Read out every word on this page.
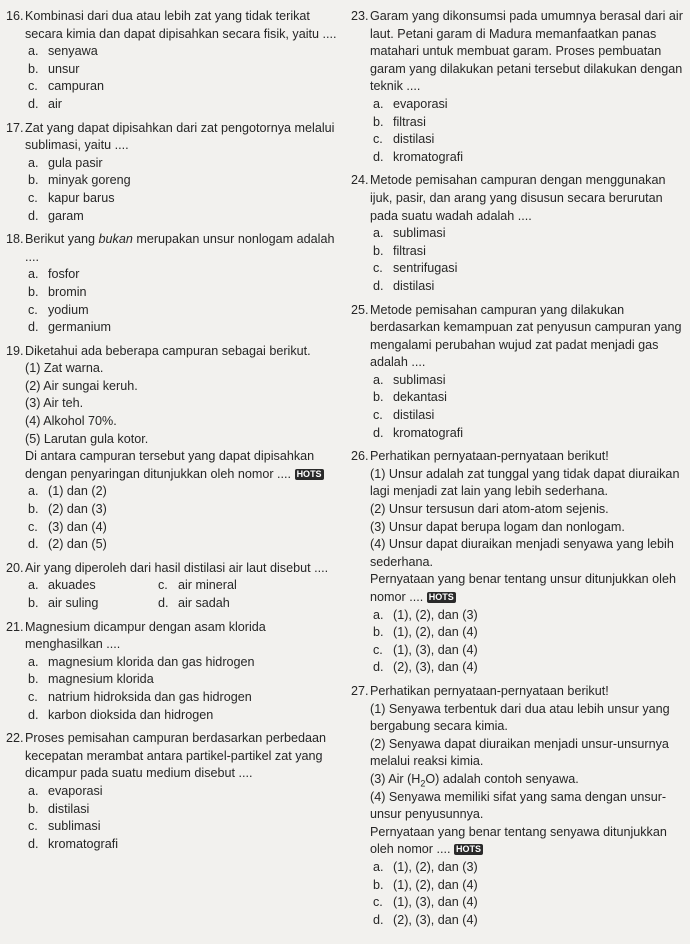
16. Kombinasi dari dua atau lebih zat yang tidak terikat secara kimia dan dapat dipisahkan secara fisik, yaitu ....
a. senyawa
b. unsur
c. campuran
d. air
17. Zat yang dapat dipisahkan dari zat pengotornya melalui sublimasi, yaitu ....
a. gula pasir
b. minyak goreng
c. kapur barus
d. garam
18. Berikut yang bukan merupakan unsur nonlogam adalah ....
a. fosfor
b. bromin
c. yodium
d. germanium
19. Diketahui ada beberapa campuran sebagai berikut.
(1) Zat warna.
(2) Air sungai keruh.
(3) Air teh.
(4) Alkohol 70%.
(5) Larutan gula kotor.
Di antara campuran tersebut yang dapat dipisahkan dengan penyaringan ditunjukkan oleh nomor .... HOTS
a. (1) dan (2)
b. (2) dan (3)
c. (3) dan (4)
d. (2) dan (5)
20. Air yang diperoleh dari hasil distilasi air laut disebut ....
a. akuades	c. air mineral
b. air suling	d. air sadah
21. Magnesium dicampur dengan asam klorida menghasilkan ....
a. magnesium klorida dan gas hidrogen
b. magnesium klorida
c. natrium hidroksida dan gas hidrogen
d. karbon dioksida dan hidrogen
22. Proses pemisahan campuran berdasarkan perbedaan kecepatan merambat antara partikel-partikel zat yang dicampur pada suatu medium disebut ....
a. evaporasi
b. distilasi
c. sublimasi
d. kromatografi
23. Garam yang dikonsumsi pada umumnya berasal dari air laut. Petani garam di Madura memanfaatkan panas matahari untuk membuat garam. Proses pembuatan garam yang dilakukan petani tersebut dilakukan dengan teknik ....
a. evaporasi
b. filtrasi
c. distilasi
d. kromatografi
24. Metode pemisahan campuran dengan menggunakan ijuk, pasir, dan arang yang disusun secara berurutan pada suatu wadah adalah ....
a. sublimasi
b. filtrasi
c. sentrifugasi
d. distilasi
25. Metode pemisahan campuran yang dilakukan berdasarkan kemampuan zat penyusun campuran yang mengalami perubahan wujud zat padat menjadi gas adalah ....
a. sublimasi
b. dekantasi
c. distilasi
d. kromatografi
26. Perhatikan pernyataan-pernyataan berikut!
(1) Unsur adalah zat tunggal yang tidak dapat diuraikan lagi menjadi zat lain yang lebih sederhana.
(2) Unsur tersusun dari atom-atom sejenis.
(3) Unsur dapat berupa logam dan nonlogam.
(4) Unsur dapat diuraikan menjadi senyawa yang lebih sederhana.
Pernyataan yang benar tentang unsur ditunjukkan oleh nomor .... HOTS
a. (1), (2), dan (3)
b. (1), (2), dan (4)
c. (1), (3), dan (4)
d. (2), (3), dan (4)
27. Perhatikan pernyataan-pernyataan berikut!
(1) Senyawa terbentuk dari dua atau lebih unsur yang bergabung secara kimia.
(2) Senyawa dapat diuraikan menjadi unsur-unsurnya melalui reaksi kimia.
(3) Air $(H_2O)$ adalah contoh senyawa.
(4) Senyawa memiliki sifat yang sama dengan unsur-unsur penyusunnya.
Pernyataan yang benar tentang senyawa ditunjukkan oleh nomor .... HOTS
a. (1), (2), dan (3)
b. (1), (2), dan (4)
c. (1), (3), dan (4)
d. (2), (3), dan (4)
